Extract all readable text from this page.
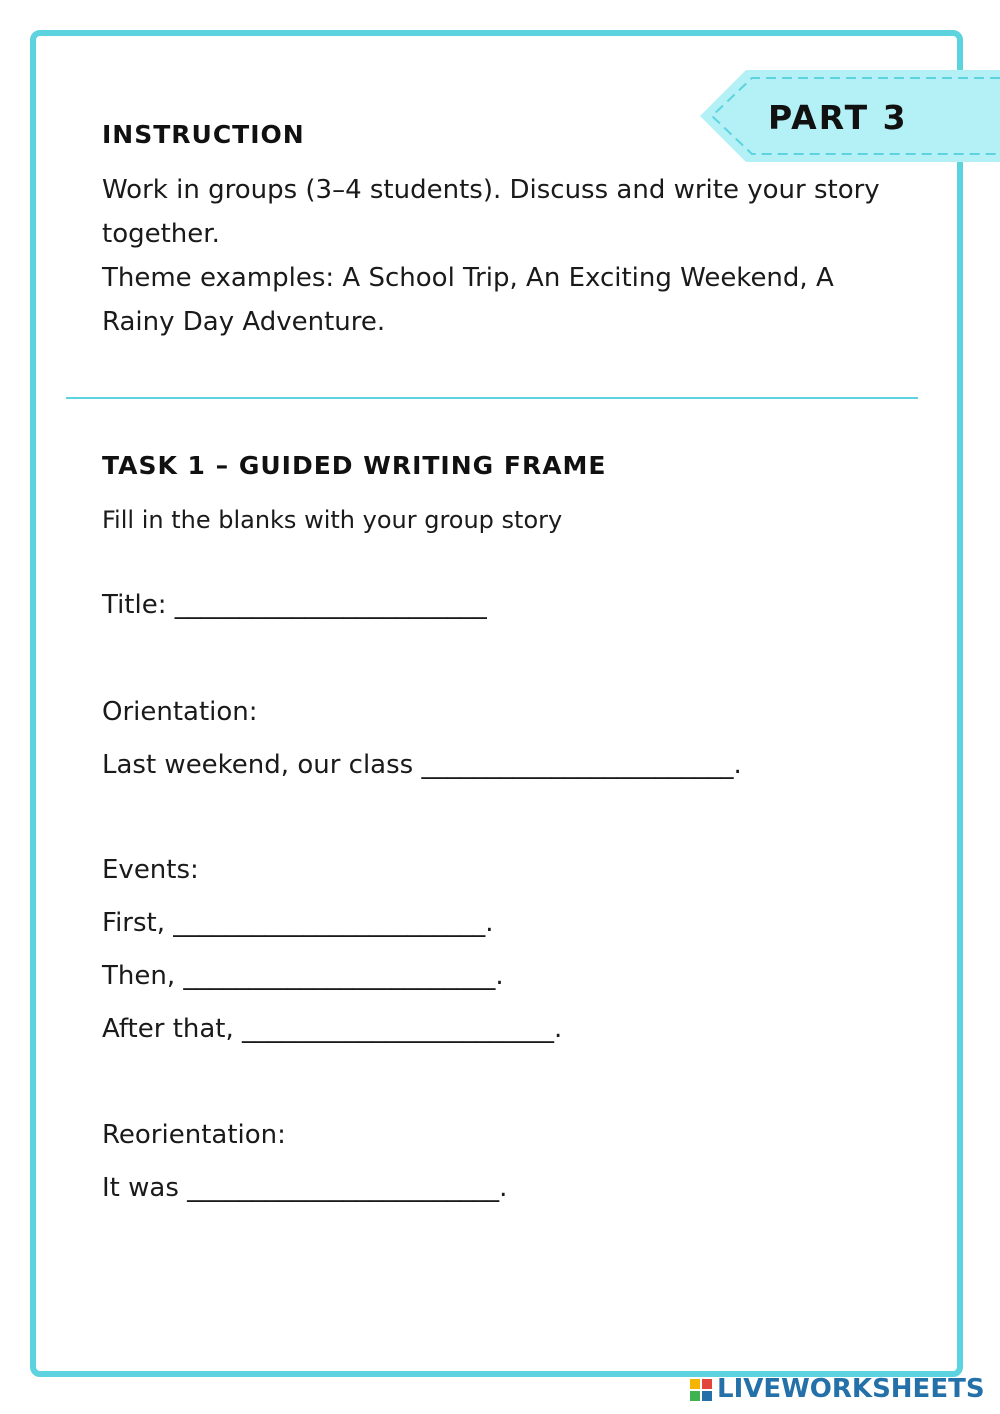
PART 3
INSTRUCTION
Work in groups (3–4 students). Discuss and write your story together.
Theme examples: A School Trip, An Exciting Weekend, A Rainy Day Adventure.
TASK 1 – GUIDED WRITING FRAME
Fill in the blanks with your group story
Title: ________________________
Orientation:
Last weekend, our class ________________________.
Events:
First, ________________________.
Then, ________________________.
After that, ________________________.
Reorientation:
It was ________________________.
LIVEWORKSHEETS
